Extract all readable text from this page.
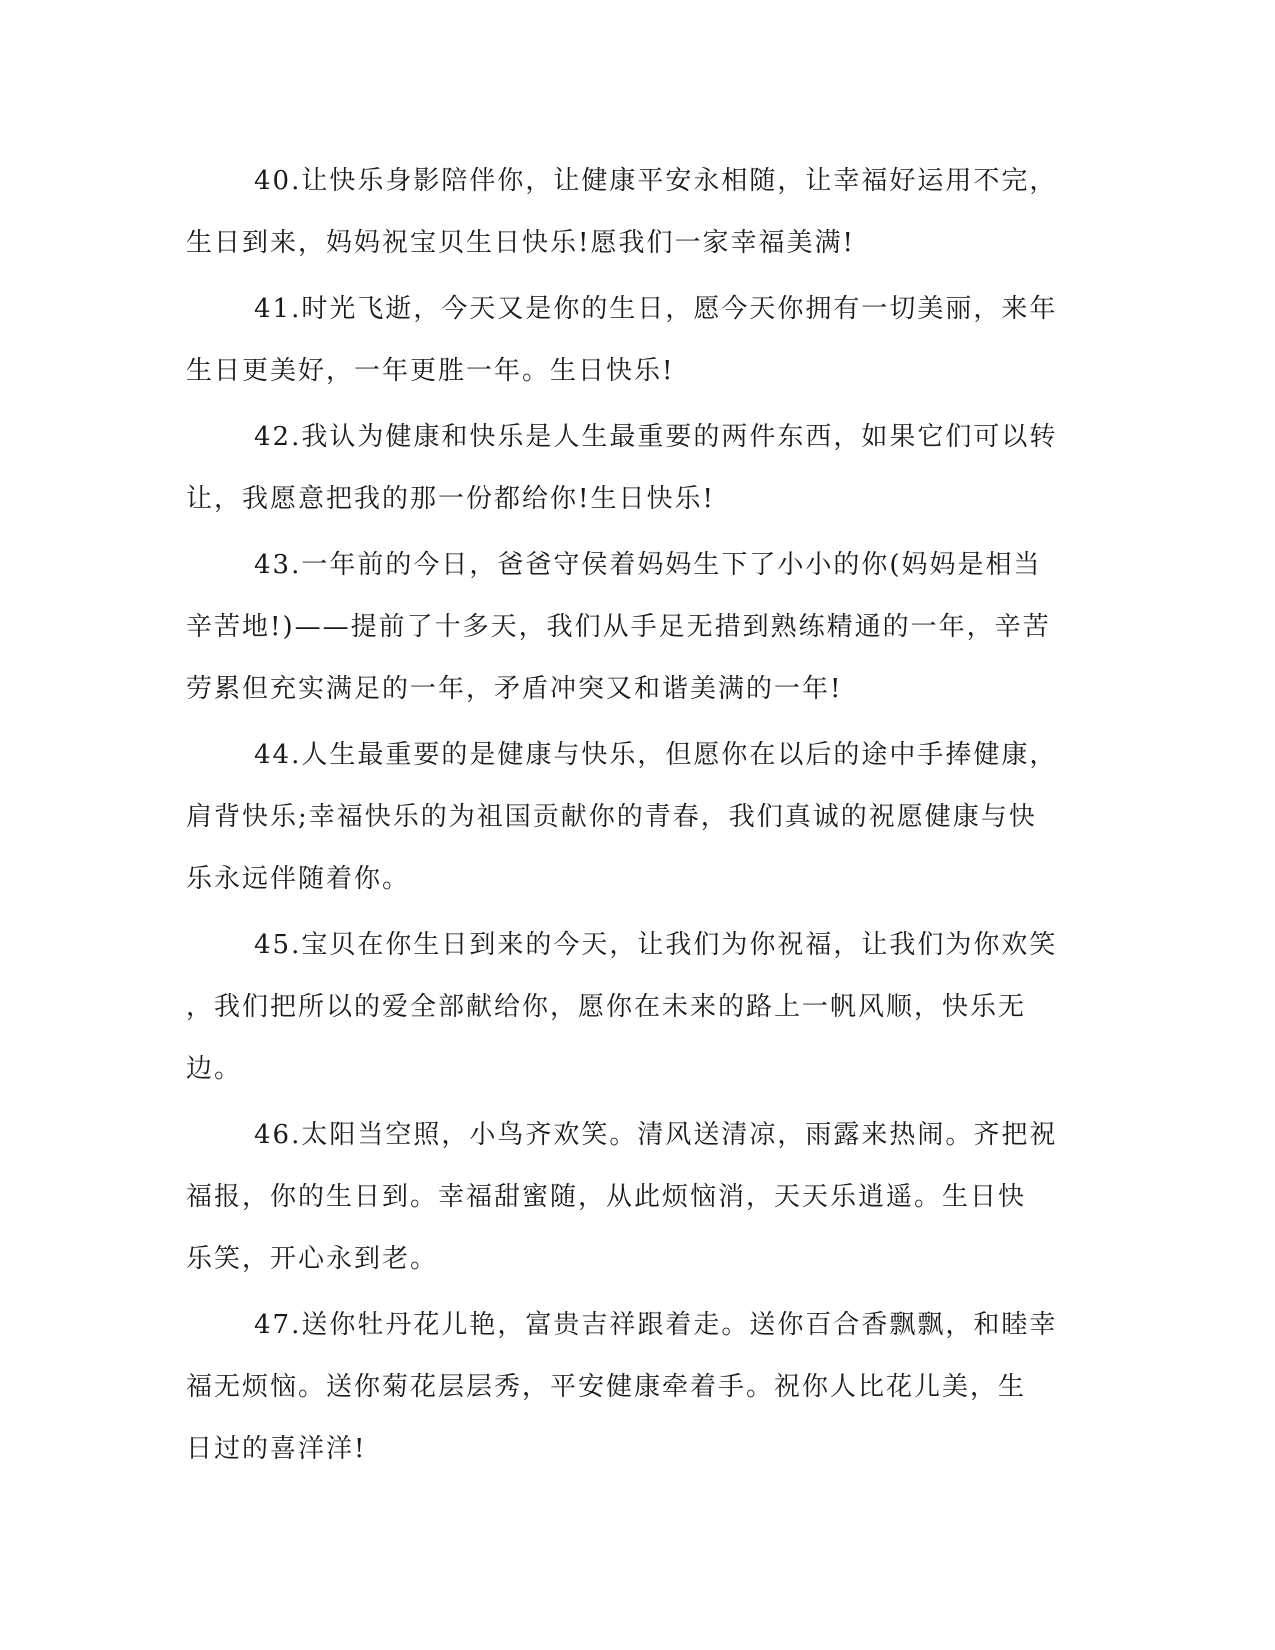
40.让快乐身影陪伴你，让健康平安永相随，让幸福好运用不完，
生日到来，妈妈祝宝贝生日快乐!愿我们一家幸福美满!

41.时光飞逝，今天又是你的生日，愿今天你拥有一切美丽，来年
生日更美好，一年更胜一年。生日快乐!

42.我认为健康和快乐是人生最重要的两件东西，如果它们可以转
让，我愿意把我的那一份都给你!生日快乐!

43.一年前的今日，爸爸守侯着妈妈生下了小小的你(妈妈是相当
辛苦地!)——提前了十多天，我们从手足无措到熟练精通的一年，辛苦
劳累但充实满足的一年，矛盾冲突又和谐美满的一年!

44.人生最重要的是健康与快乐，但愿你在以后的途中手捧健康，
肩背快乐;幸福快乐的为祖国贡献你的青春，我们真诚的祝愿健康与快
乐永远伴随着你。

45.宝贝在你生日到来的今天，让我们为你祝福，让我们为你欢笑
，我们把所以的爱全部献给你，愿你在未来的路上一帆风顺，快乐无
边。

46.太阳当空照，小鸟齐欢笑。清风送清凉，雨露来热闹。齐把祝
福报，你的生日到。幸福甜蜜随，从此烦恼消，天天乐逍遥。生日快
乐笑，开心永到老。

47.送你牡丹花儿艳，富贵吉祥跟着走。送你百合香飘飘，和睦幸
福无烦恼。送你菊花层层秀，平安健康牵着手。祝你人比花儿美，生
日过的喜洋洋!
